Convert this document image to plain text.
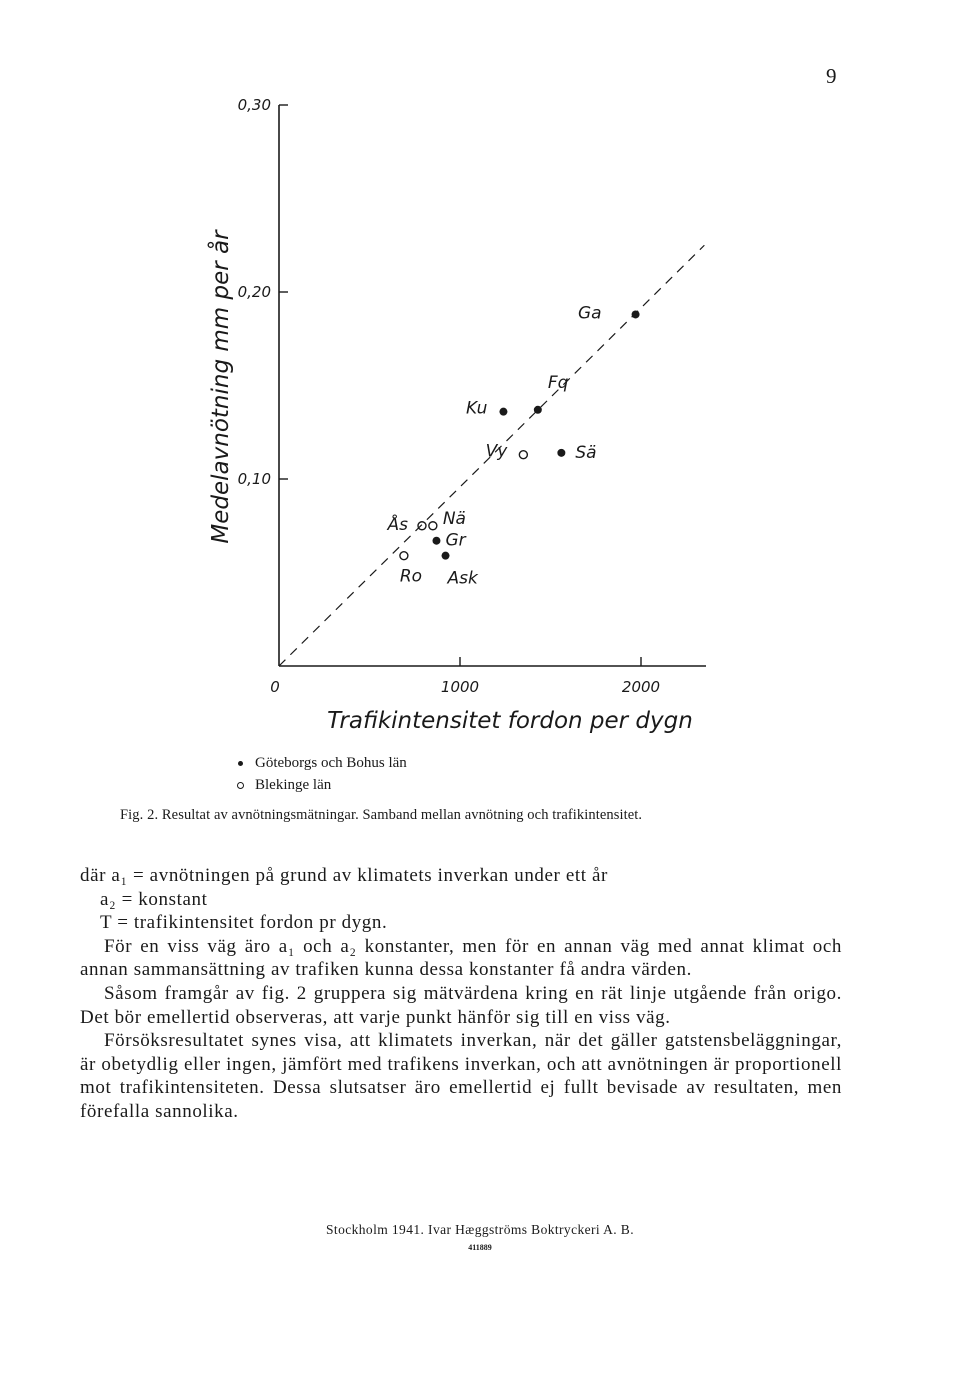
9
0,10
0,20
0,30
0	1000	2000
Trafikintensitet fordon per dygn
Medelavnötning mm per år	Ga
Ku
Fq
Sä
Gr
Ask
Vy
Ås Nä
Ro
Göteborgs och Bohus län
Blekinge län
Fig. 2. Resultat av avnötningsmätningar. Samband mellan avnötning och trafikintensitet.

där a₁ = avnötningen på grund av klimatets inverkan under ett år

a₂ = konstant

T = trafikintensitet fordon pr dygn.

För en viss väg äro a₁ och a₂ konstanter, men för en annan väg med annat klimat och annan sammansättning av trafiken kunna dessa konstanter få andra värden.

Såsom framgår av fig. 2 gruppera sig mätvärdena kring en rät linje utgående från origo. Det bör emellertid observeras, att varje punkt hänför sig till en viss väg.

Försöksresultatet synes visa, att klimatets inverkan, när det gäller gatstensbeläggningar, är obetydlig eller ingen, jämfört med trafikens inverkan, och att avnötningen är proportionell mot trafikintensiteten. Dessa slutsatser äro emellertid ej fullt bevisade av resultaten, men förefalla sannolika.

Stockholm 1941. Ivar Hæggströms Boktryckeri A. B.
411889
